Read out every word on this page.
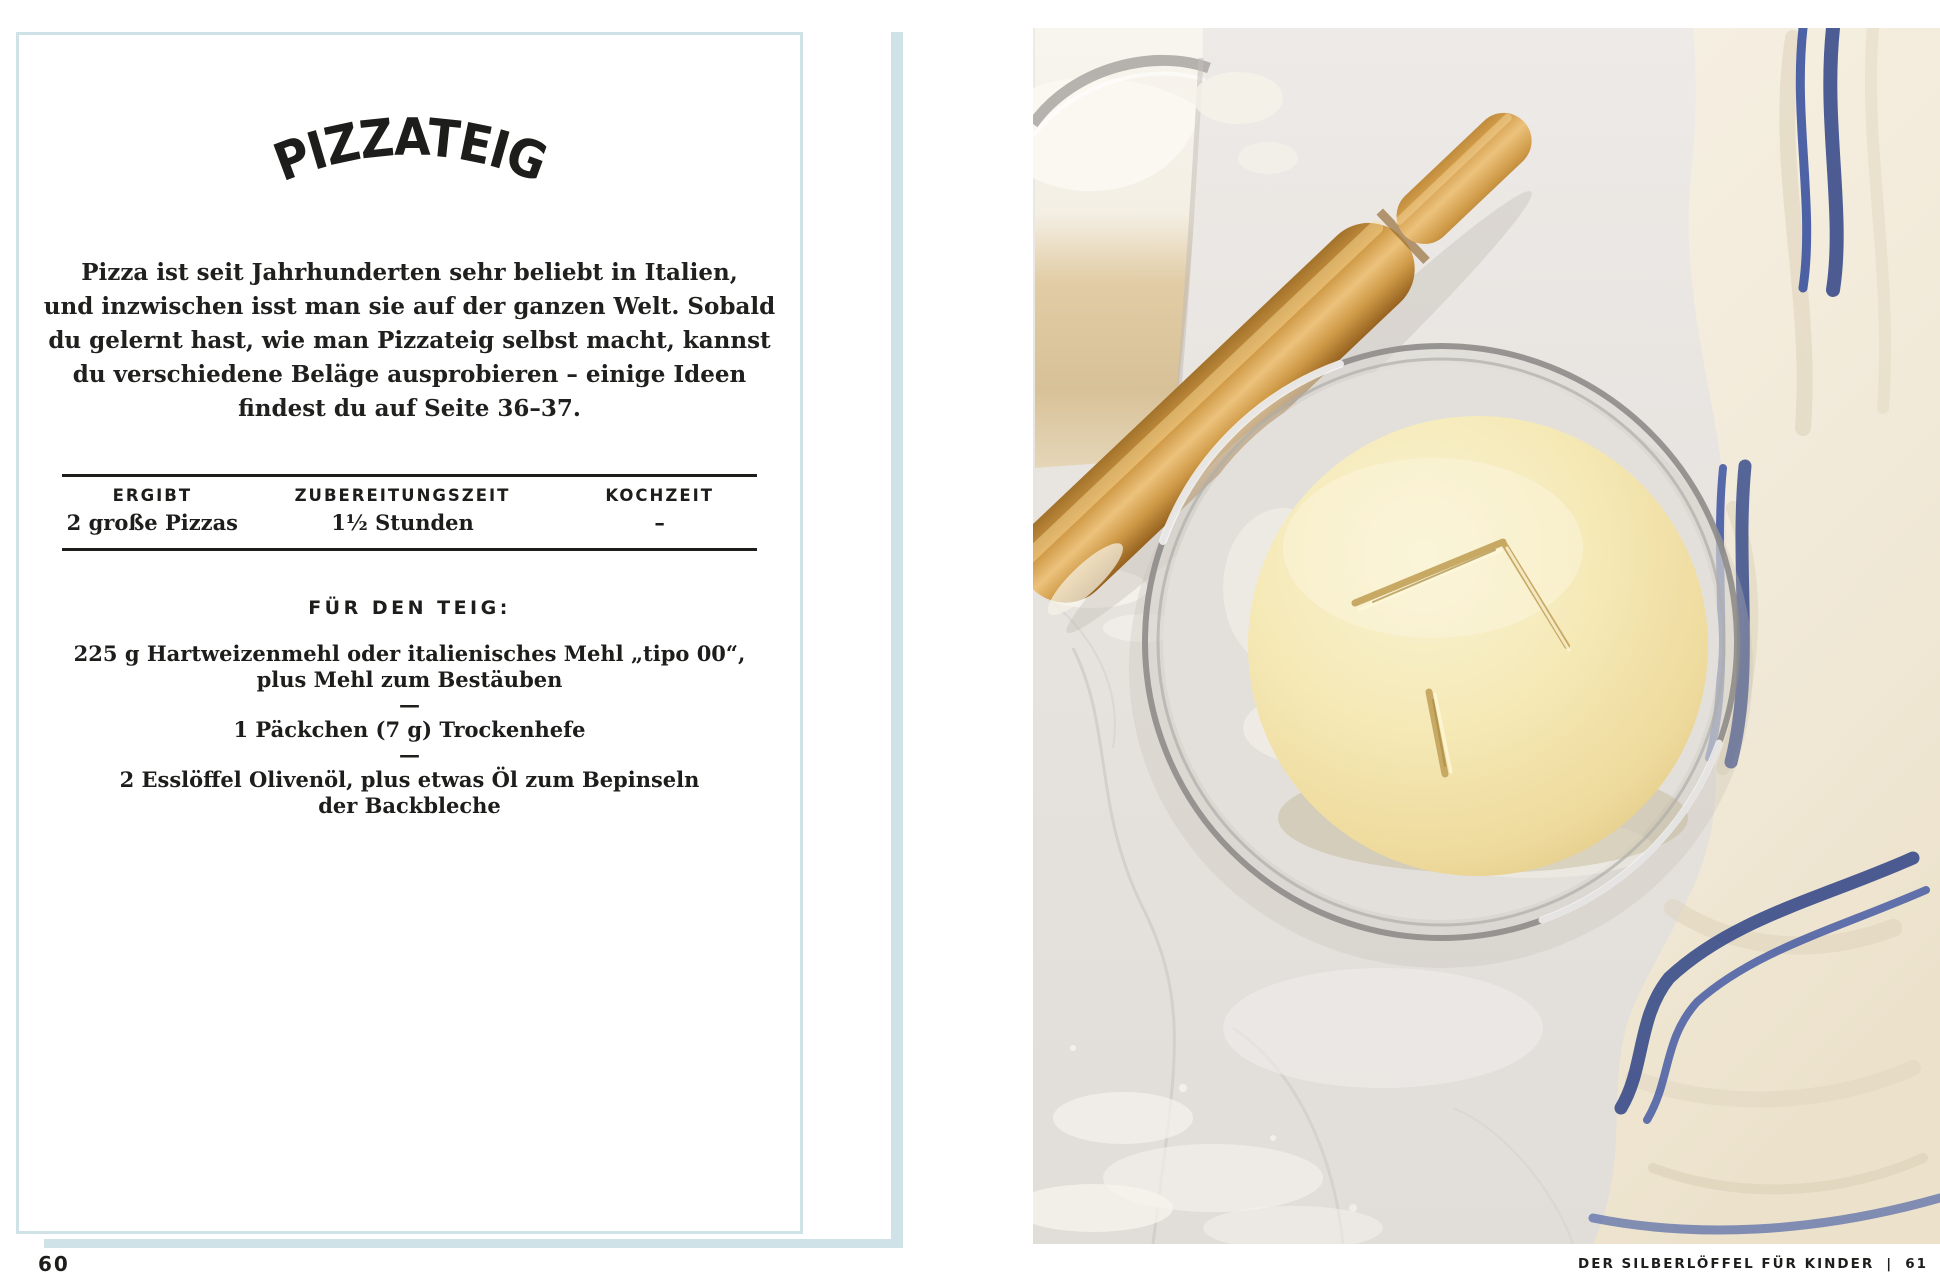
PIZZATEIG
Pizza ist seit Jahrhunderten sehr beliebt in Italien,
und inzwischen isst man sie auf der ganzen Welt. Sobald
du gelernt hast, wie man Pizzateig selbst macht, kannst
du verschiedene Beläge ausprobieren – einige Ideen
findest du auf Seite 36–37.
ERGIBT
2 große Pizzas
ZUBEREITUNGSZEIT
1½ Stunden
KOCHZEIT
–
FÜR DEN TEIG:
225 g Hartweizenmehl oder italienisches Mehl „tipo 00“,
plus Mehl zum Bestäuben
—
1 Päckchen (7 g) Trockenhefe
—
2 Esslöffel Olivenöl, plus etwas Öl zum Bepinseln
der Backbleche
60	DER SILBERLÖFFEL FÜR KINDER | 61
